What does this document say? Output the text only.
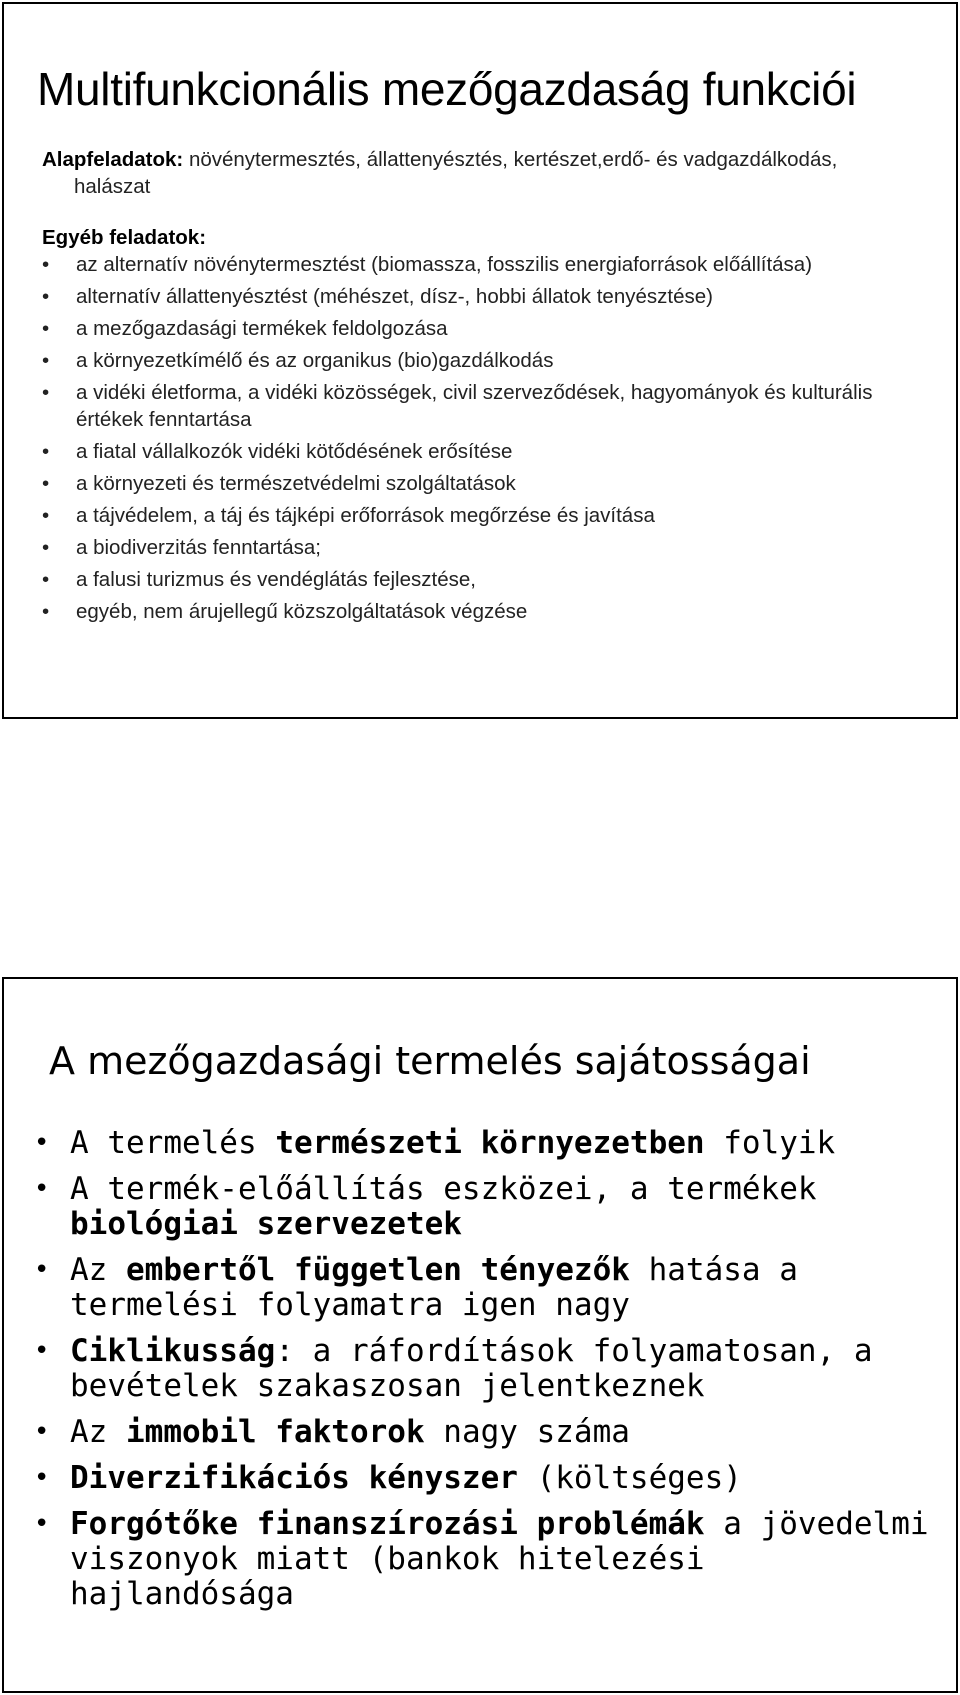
Multifunkcionális mezőgazdaság funkciói

Alapfeladatok: növénytermesztés, állattenyésztés, kertészet,erdő- és vadgazdálkodás, halászat

Egyéb feladatok:

• az alternatív növénytermesztést (biomassza, fosszilis energiaforrások előállítása)
• alternatív állattenyésztést (méhészet, dísz-, hobbi állatok tenyésztése)
• a mezőgazdasági termékek feldolgozása
• a környezetkímélő és az organikus (bio)gazdálkodás
• a vidéki életforma, a vidéki közösségek, civil szerveződések, hagyományok és kulturális értékek fenntartása
• a fiatal vállalkozók vidéki kötődésének erősítése
• a környezeti és természetvédelmi szolgáltatások
• a tájvédelem, a táj és tájképi erőforrások megőrzése és javítása
• a biodiverzitás fenntartása;
• a falusi turizmus és vendéglátás fejlesztése,
• egyéb, nem árujellegű közszolgáltatások végzése
A mezőgazdasági termelés sajátosságai
• A termelés természeti környezetben folyik
• A termék-előállítás eszközei, a termékek biológiai szervezetek
• Az embertől független tényezők hatása a termelési folyamatra igen nagy
• Ciklikusság: a ráfordítások folyamatosan, a bevételek szakaszosan jelentkeznek
• Az immobil faktorok nagy száma
• Diverzifikációs kényszer (költséges)
• Forgótőke finanszírozási problémák a jövedelmi viszonyok miatt (bankok hitelezési hajlandósága
